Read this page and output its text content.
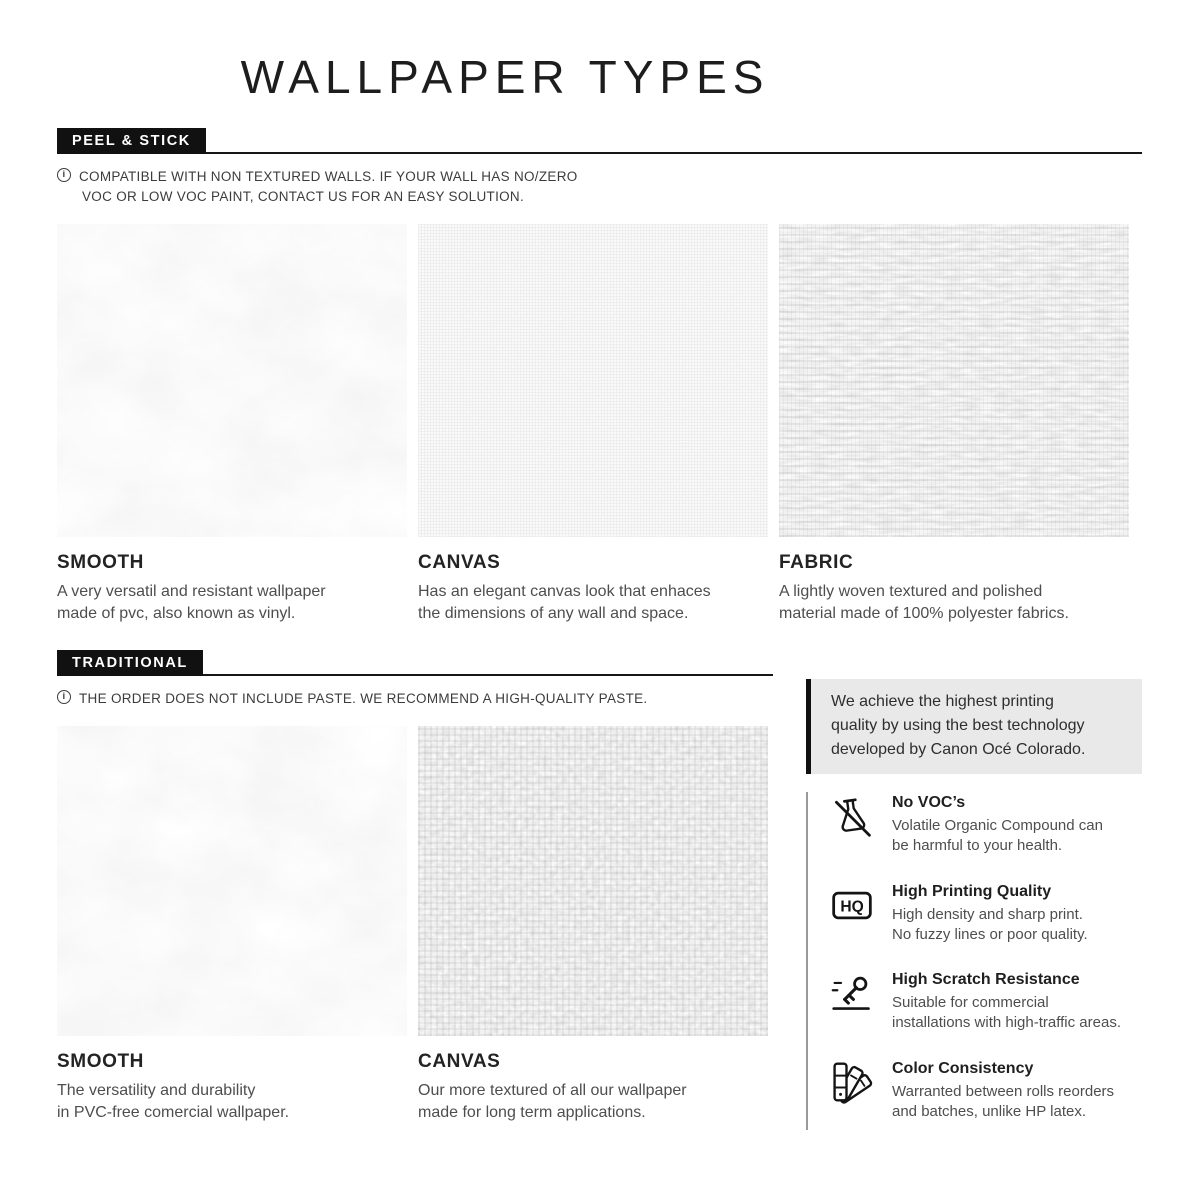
WALLPAPER TYPES
PEEL & STICK
i	COMPATIBLE WITH NON TEXTURED WALLS. IF YOUR WALL HAS NO/ZERO
VOC OR LOW VOC PAINT, CONTACT US FOR AN EASY SOLUTION.
SMOOTH
A very versatil and resistant wallpaper
made of pvc, also known as vinyl.
CANVAS
Has an elegant canvas look that enhaces
the dimensions of any wall and space.
FABRIC
A lightly woven textured and polished
material made of 100% polyester fabrics.
TRADITIONAL
i	THE ORDER DOES NOT INCLUDE PASTE. WE RECOMMEND A HIGH-QUALITY PASTE.
SMOOTH
The versatility and durability
in PVC-free comercial wallpaper.
CANVAS
Our more textured of all our wallpaper
made for long term applications.
We achieve the highest printing
quality by using the best technology
developed by Canon Océ Colorado.
No VOC’s
Volatile Organic Compound can
be harmful to your health.
HQ
High Printing Quality
High density and sharp print.
No fuzzy lines or poor quality.
High Scratch Resistance
Suitable for commercial
installations with high-traffic areas.
Color Consistency
Warranted between rolls reorders
and batches, unlike HP latex.
